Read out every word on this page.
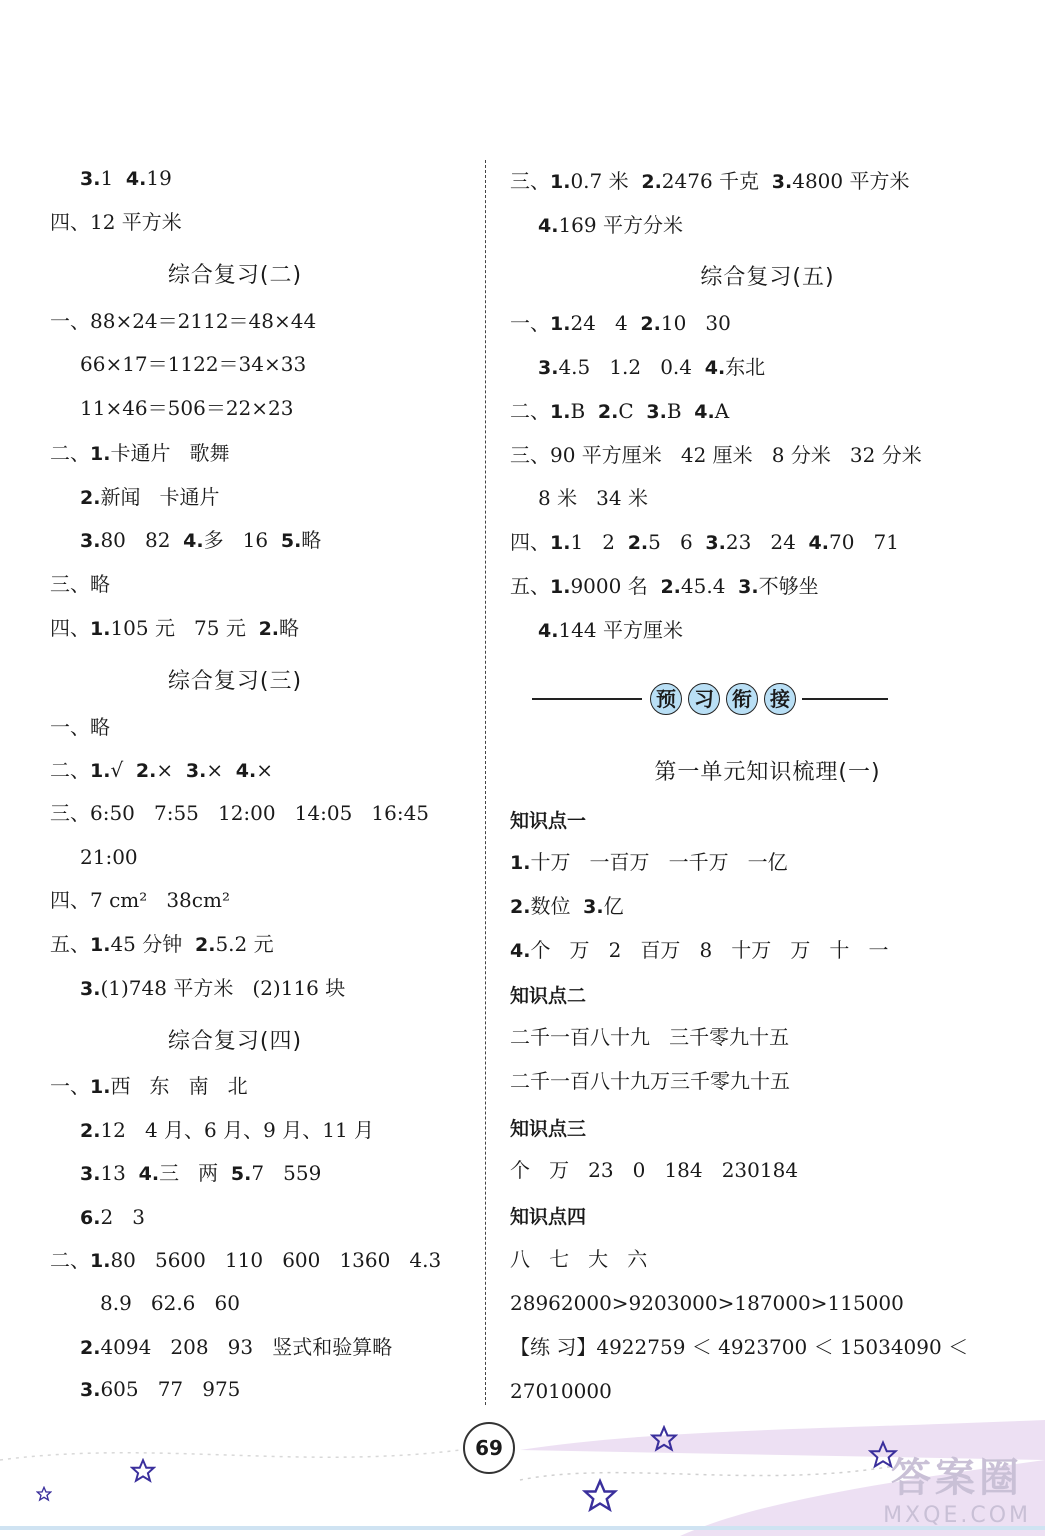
3.1  4.19
四、12 平方米
综合复习(二)
一、88×24＝2112＝48×44
66×17＝1122＝34×33
11×46＝506＝22×23
二、1.卡通片   歌舞
2.新闻   卡通片
3.80   82  4.多   16  5.略
三、略
四、1.105 元   75 元  2.略
综合复习(三)
一、略
二、1.√  2.×  3.×  4.×
三、6:50   7:55   12:00   14:05   16:45
21:00
四、7 cm²   38cm²
五、1.45 分钟  2.5.2 元
3.(1)748 平方米   (2)116 块
综合复习(四)
一、1.西   东   南   北
2.12   4 月、6 月、9 月、11 月
3.13  4.三   两  5.7   559
6.2   3
二、1.80   5600   110   600   1360   4.3
8.9   62.6   60
2.4094   208   93   竖式和验算略
3.605   77   975
三、1.0.7 米  2.2476 千克  3.4800 平方米
4.169 平方分米
综合复习(五)
一、1.24   4  2.10   30
3.4.5   1.2   0.4  4.东北
二、1.B  2.C  3.B  4.A
三、90 平方厘米   42 厘米   8 分米   32 分米
8 米   34 米
四、1.1   2  2.5   6  3.23   24  4.70   71
五、1.9000 名  2.45.4  3.不够坐
4.144 平方厘米
第一单元知识梳理(一)
知识点一
1.十万   一百万   一千万   一亿
2.数位  3.亿
4.个   万   2   百万   8   十万   万   十   一
知识点二
二千一百八十九   三千零九十五
二千一百八十九万三千零九十五
知识点三
个   万   23   0   184   230184
知识点四
八   七   大   六
28962000>9203000>187000>115000
【练 习】4922759 ＜ 4923700 ＜ 15034090 ＜
27010000
预 习 衔 接
69
答案圈
MXQE.COM
